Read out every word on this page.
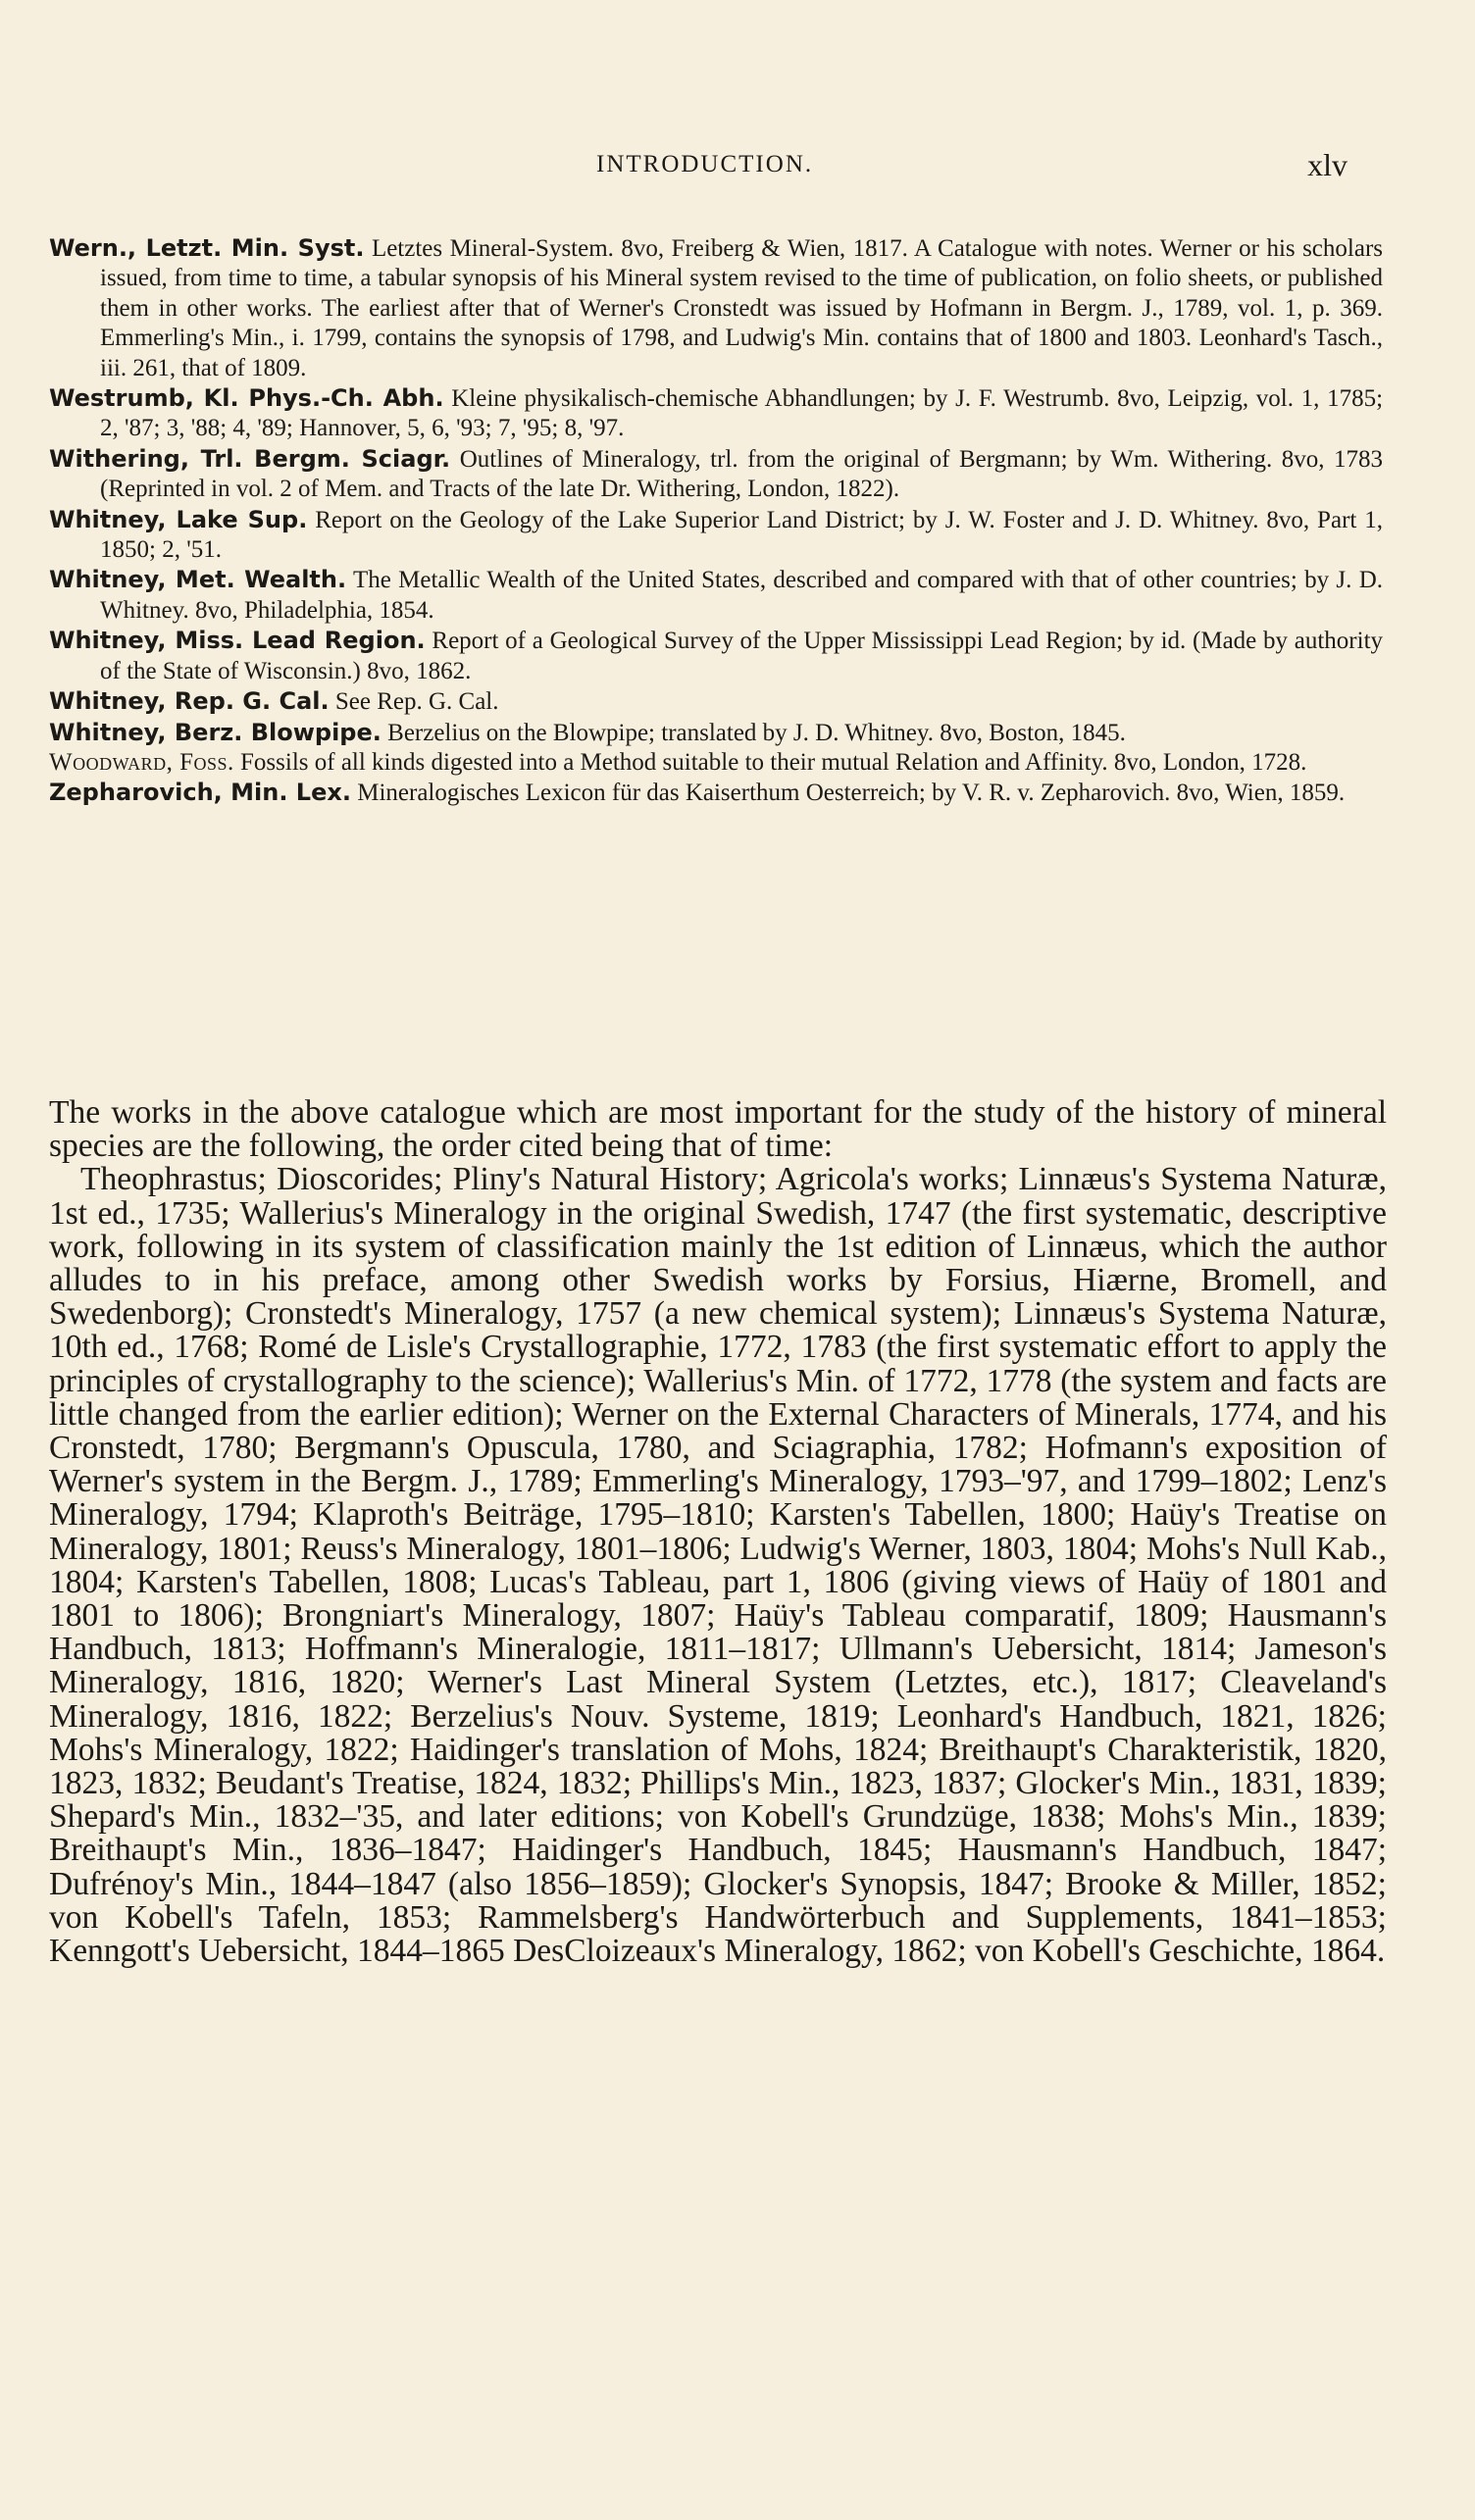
INTRODUCTION.	xlᴠ

Wern., Letzt. Min. Syst. Letztes Mineral-System. 8vo, Freiberg & Wien, 1817. A Catalogue with notes. Werner or his scholars issued, from time to time, a tabular synopsis of his Mineral system revised to the time of publication, on folio sheets, or published them in other works. The earliest after that of Werner's Cronstedt was issued by Hofmann in Bergm. J., 1789, vol. 1, p. 369. Emmerling's Min., i. 1799, contains the synopsis of 1798, and Ludwig's Min. contains that of 1800 and 1803. Leonhard's Tasch., iii. 261, that of 1809.

Westrumb, Kl. Phys.-Ch. Abh. Kleine physikalisch-chemische Abhandlungen; by J. F. Westrumb. 8vo, Leipzig, vol. 1, 1785; 2, '87; 3, '88; 4, '89; Hannover, 5, 6, '93; 7, '95; 8, '97.

Withering, Trl. Bergm. Sciagr. Outlines of Mineralogy, trl. from the original of Bergmann; by Wm. Withering. 8vo, 1783 (Reprinted in vol. 2 of Mem. and Tracts of the late Dr. Withering, London, 1822).

Whitney, Lake Sup. Report on the Geology of the Lake Superior Land District; by J. W. Foster and J. D. Whitney. 8vo, Part 1, 1850; 2, '51.

Whitney, Met. Wealth. The Metallic Wealth of the United States, described and compared with that of other countries; by J. D. Whitney. 8vo, Philadelphia, 1854.

Whitney, Miss. Lead Region. Report of a Geological Survey of the Upper Mississippi Lead Region; by id. (Made by authority of the State of Wisconsin.) 8vo, 1862.

Whitney, Rep. G. Cal. See Rep. G. Cal.

Whitney, Berz. Blowpipe. Berzelius on the Blowpipe; translated by J. D. Whitney. 8vo, Boston, 1845.

Woodward, Foss. Fossils of all kinds digested into a Method suitable to their mutual Relation and Affinity. 8vo, London, 1728.

Zepharovich, Min. Lex. Mineralogisches Lexicon für das Kaiserthum Oesterreich; by V. R. v. Zepharovich. 8vo, Wien, 1859.

The works in the above catalogue which are most important for the study of the history of mineral species are the following, the order cited being that of time:

Theophrastus; Dioscorides; Pliny's Natural History; Agricola's works; Linnæus's Systema Naturæ, 1st ed., 1735; Wallerius's Mineralogy in the original Swedish, 1747 (the first systematic, descriptive work, following in its system of classification mainly the 1st edition of Linnæus, which the author alludes to in his preface, among other Swedish works by Forsius, Hiærne, Bromell, and Swedenborg); Cronstedt's Mineralogy, 1757 (a new chemical system); Linnæus's Systema Naturæ, 10th ed., 1768; Romé de Lisle's Crystallographie, 1772, 1783 (the first systematic effort to apply the principles of crystallography to the science); Wallerius's Min. of 1772, 1778 (the system and facts are little changed from the earlier edition); Werner on the External Characters of Minerals, 1774, and his Cronstedt, 1780; Bergmann's Opuscula, 1780, and Sciagraphia, 1782; Hofmann's exposition of Werner's system in the Bergm. J., 1789; Emmerling's Mineralogy, 1793–'97, and 1799–1802; Lenz's Mineralogy, 1794; Klaproth's Beiträge, 1795–1810; Karsten's Tabellen, 1800; Haüy's Treatise on Mineralogy, 1801; Reuss's Mineralogy, 1801–1806; Ludwig's Werner, 1803, 1804; Mohs's Null Kab., 1804; Karsten's Tabellen, 1808; Lucas's Tableau, part 1, 1806 (giving views of Haüy of 1801 and 1801 to 1806); Brongniart's Mineralogy, 1807; Haüy's Tableau comparatif, 1809; Hausmann's Handbuch, 1813; Hoffmann's Mineralogie, 1811–1817; Ullmann's Uebersicht, 1814; Jameson's Mineralogy, 1816, 1820; Werner's Last Mineral System (Letztes, etc.), 1817; Cleaveland's Mineralogy, 1816, 1822; Berzelius's Nouv. Systeme, 1819; Leonhard's Handbuch, 1821, 1826; Mohs's Mineralogy, 1822; Haidinger's translation of Mohs, 1824; Breithaupt's Charakteristik, 1820, 1823, 1832; Beudant's Treatise, 1824, 1832; Phillips's Min., 1823, 1837; Glocker's Min., 1831, 1839; Shepard's Min., 1832–'35, and later editions; von Kobell's Grundzüge, 1838; Mohs's Min., 1839; Breithaupt's Min., 1836–1847; Haidinger's Handbuch, 1845; Hausmann's Handbuch, 1847; Dufrénoy's Min., 1844–1847 (also 1856–1859); Glocker's Synopsis, 1847; Brooke & Miller, 1852; von Kobell's Tafeln, 1853; Rammelsberg's Handwörterbuch and Supplements, 1841–1853; Kenngott's Uebersicht, 1844–1865 DesCloizeaux's Mineralogy, 1862; von Kobell's Geschichte, 1864.
